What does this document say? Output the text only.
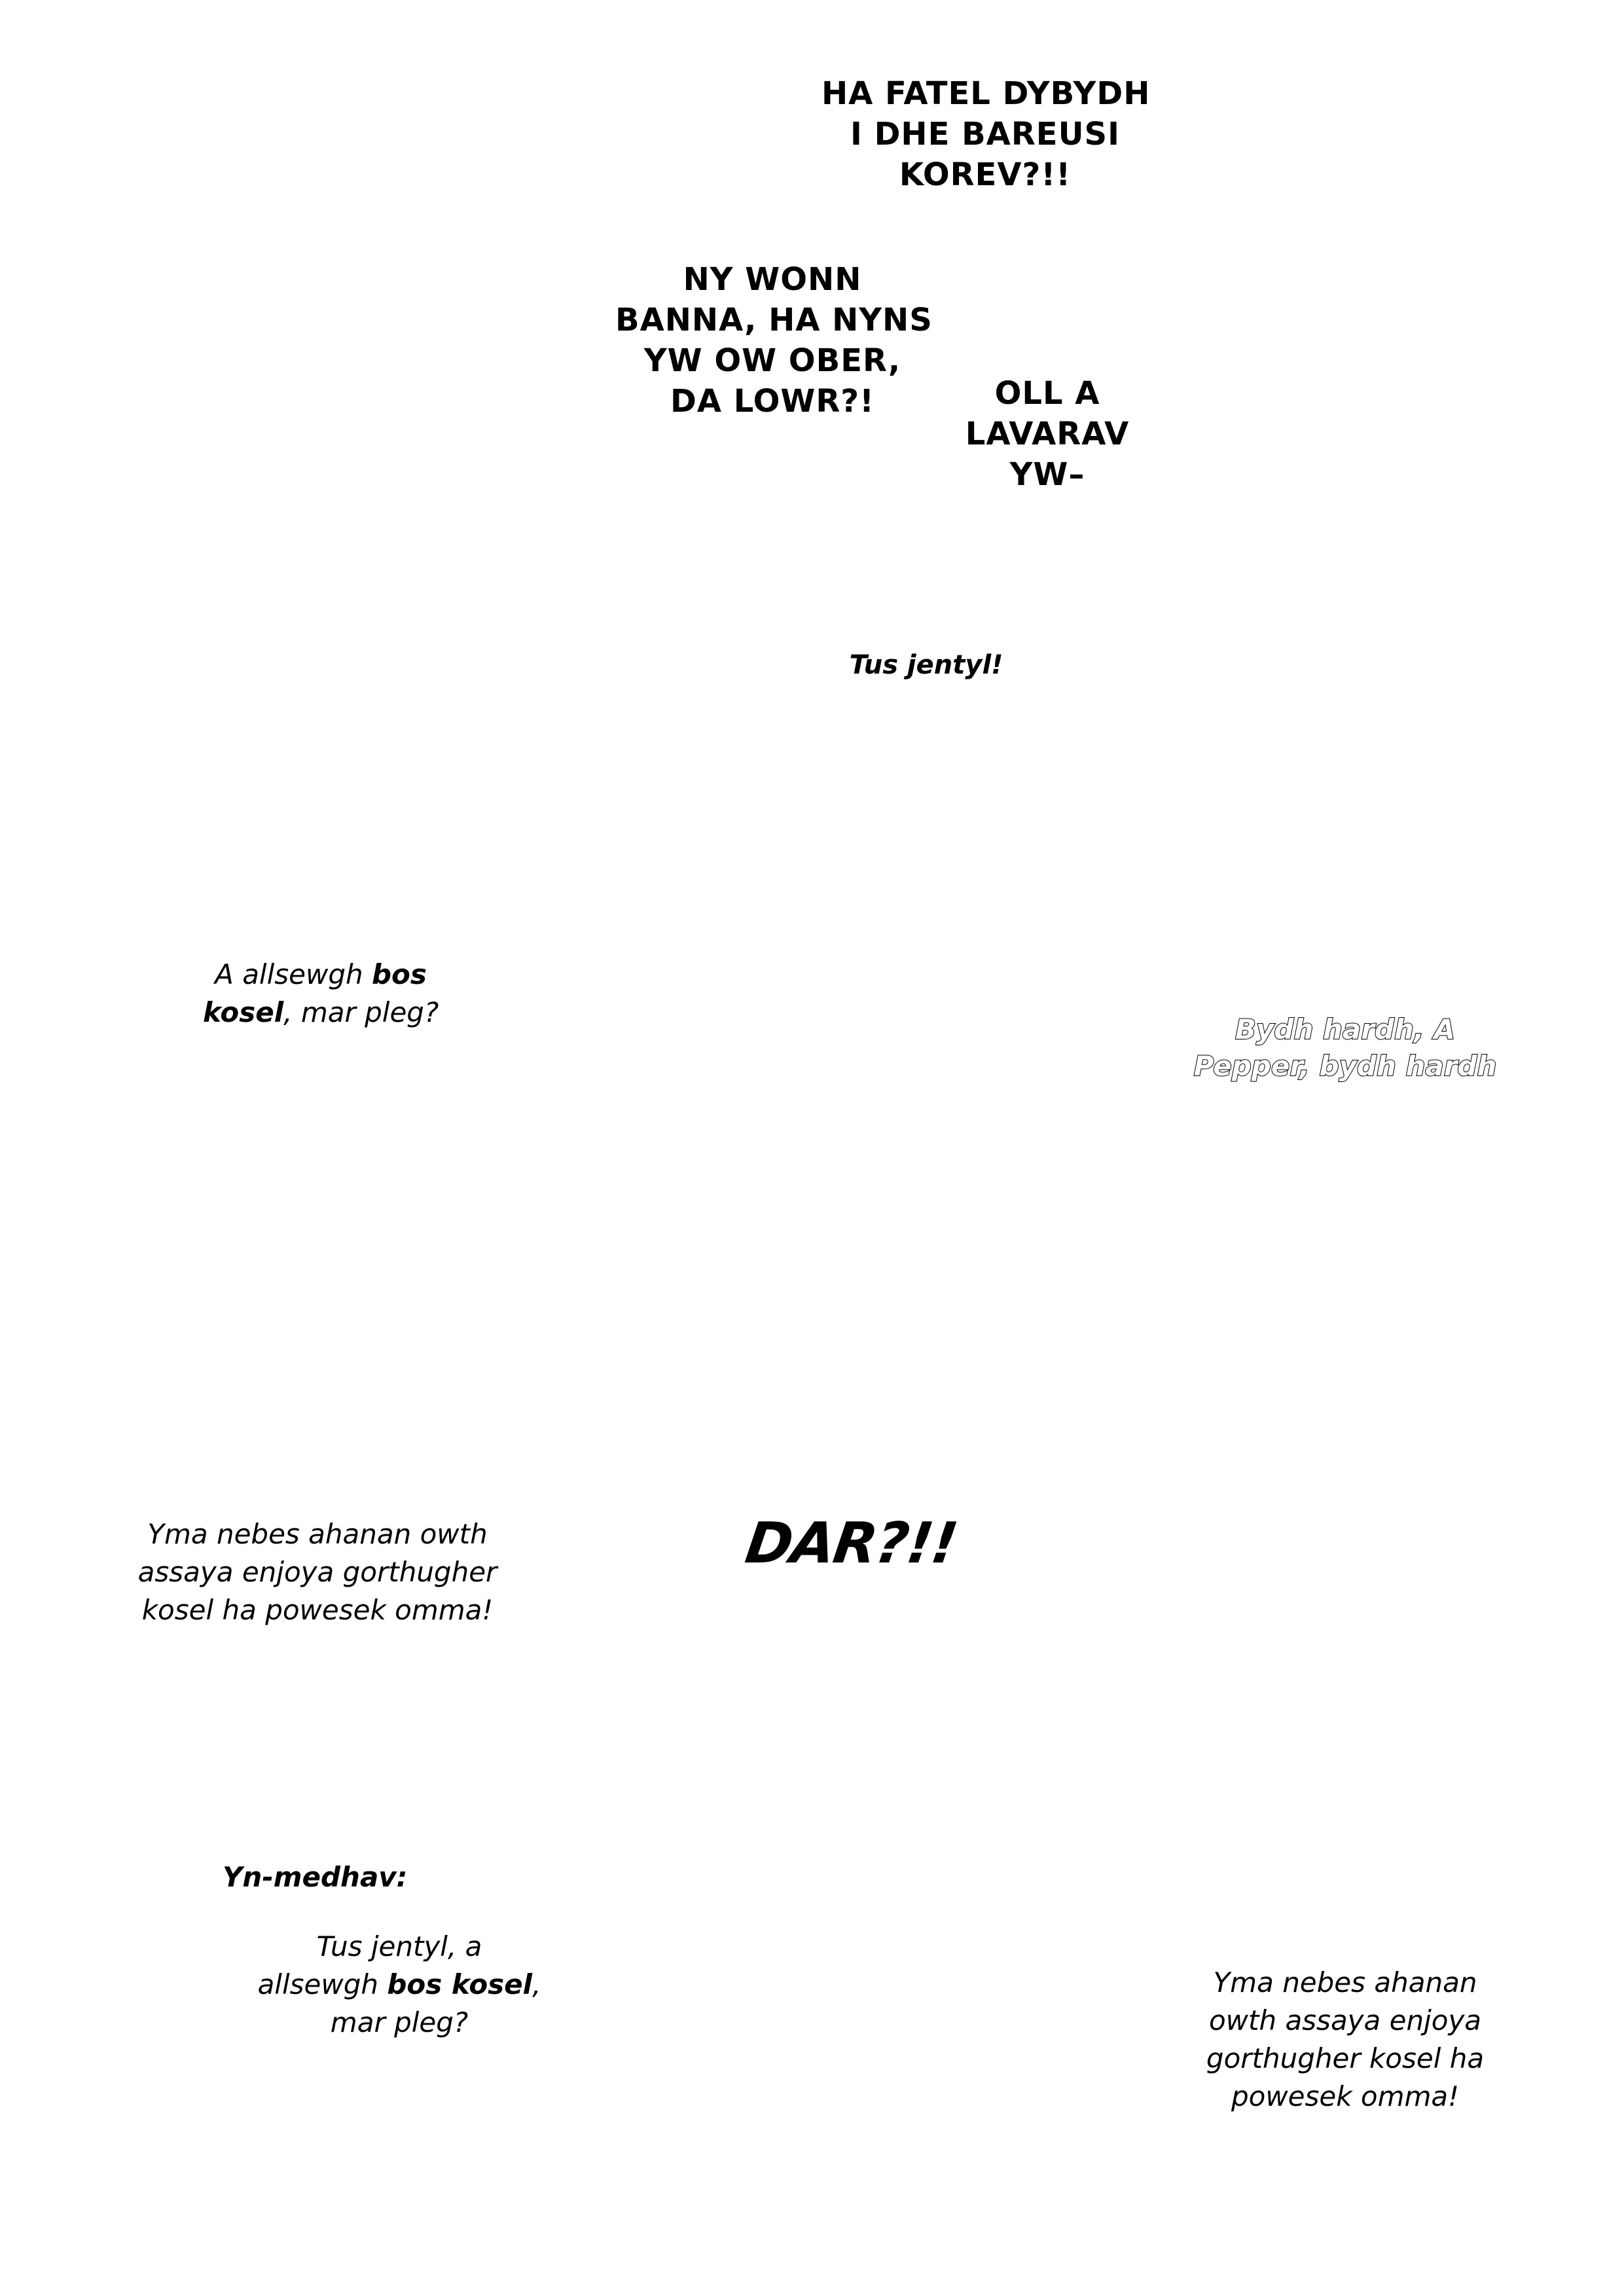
HA FATEL DYBYDH
I DHE BAREUSI
KOREV?!!
NY WONN
BANNA, HA NYNS
YW OW OBER,
DA LOWR?!	OLL A
LAVARAV
YW–
Tus jentyl!
A allsewgh bos
kosel, mar pleg?
Bydh hardh, A
Pepper, bydh hardh
Yma nebes ahanan owth
assaya enjoya gorthugher
kosel ha powesek omma!
DAR?!!
Yn-medhav:
Tus jentyl, a
allsewgh bos kosel,
mar pleg?
Yma nebes ahanan
owth assaya enjoya
gorthugher kosel ha
powesek omma!
